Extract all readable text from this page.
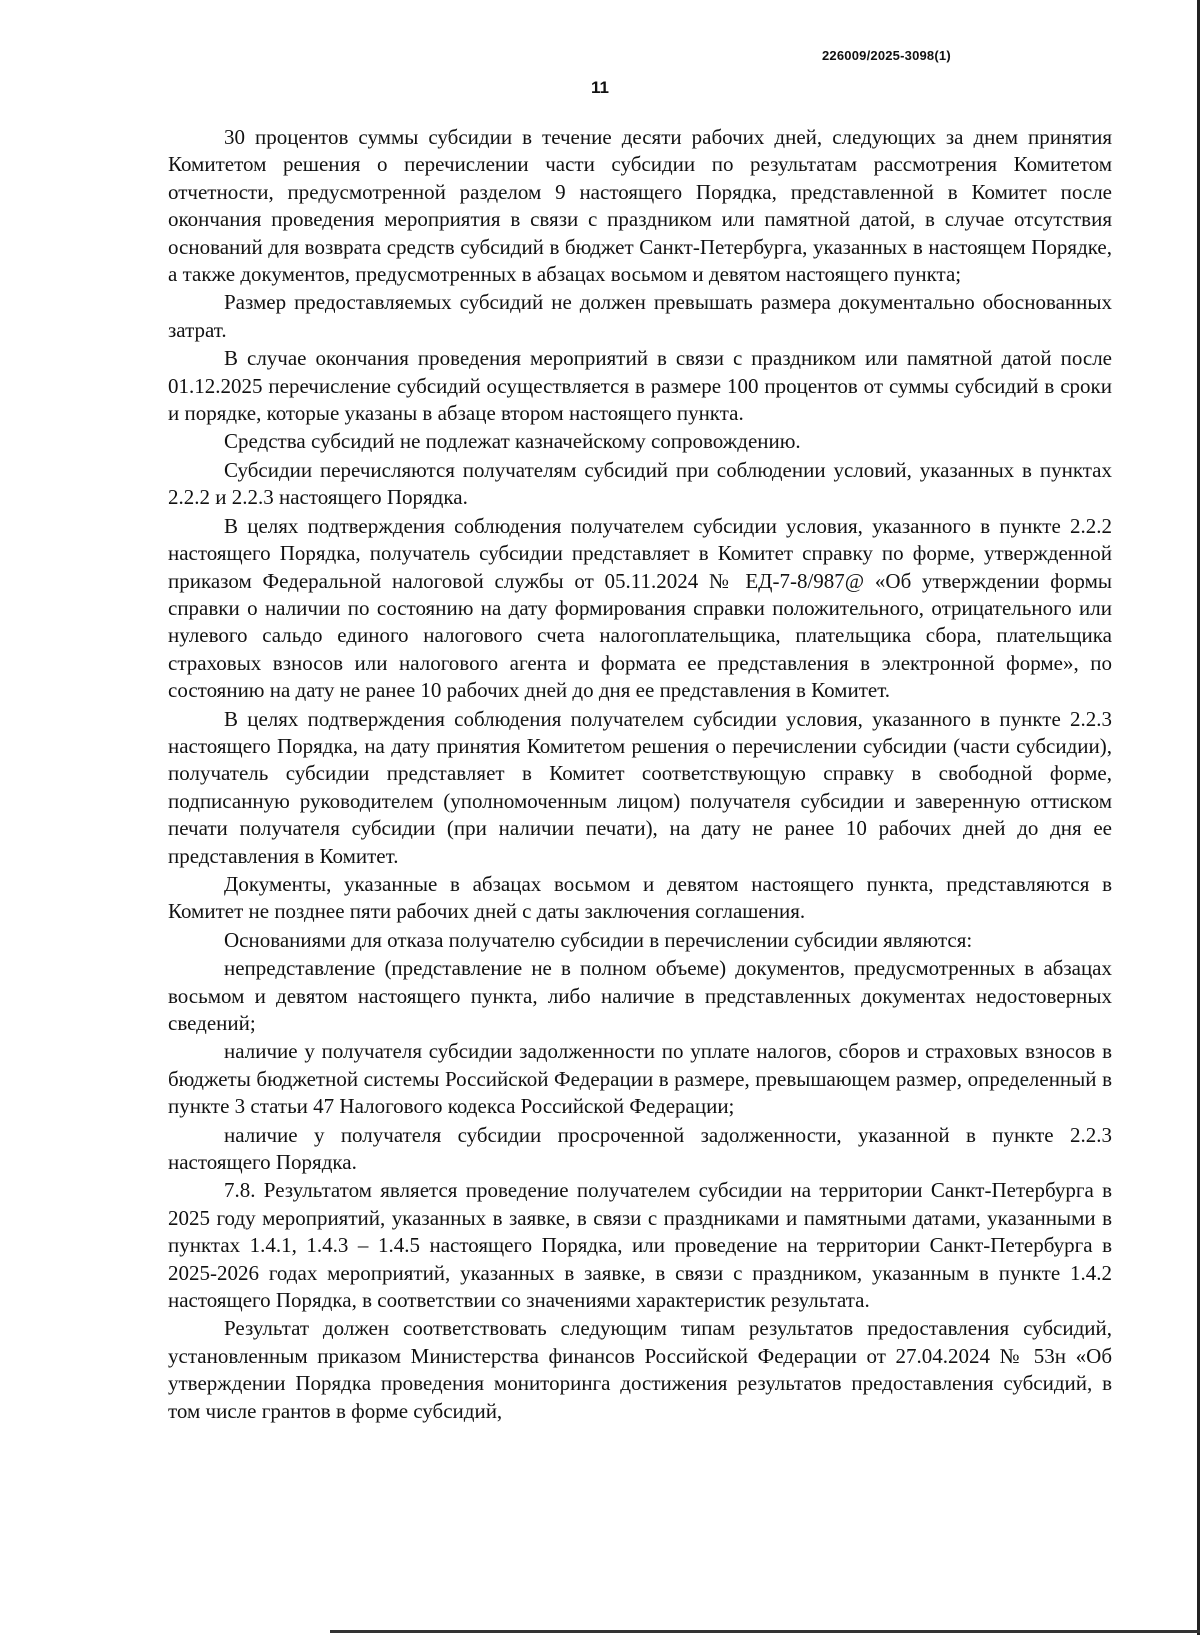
226009/2025-3098(1)
11

30 процентов суммы субсидии в течение десяти рабочих дней, следующих за днем принятия Комитетом решения о перечислении части субсидии по результатам рассмотрения Комитетом отчетности, предусмотренной разделом 9 настоящего Порядка, представленной в Комитет после окончания проведения мероприятия в связи с праздником или памятной датой, в случае отсутствия оснований для возврата средств субсидий в бюджет Санкт-Петербурга, указанных в настоящем Порядке, а также документов, предусмотренных в абзацах восьмом и девятом настоящего пункта;

Размер предоставляемых субсидий не должен превышать размера документально обоснованных затрат.

В случае окончания проведения мероприятий в связи с праздником или памятной датой после 01.12.2025 перечисление субсидий осуществляется в размере 100 процентов от суммы субсидий в сроки и порядке, которые указаны в абзаце втором настоящего пункта.

Средства субсидий не подлежат казначейскому сопровождению.

Субсидии перечисляются получателям субсидий при соблюдении условий, указанных в пунктах 2.2.2 и 2.2.3 настоящего Порядка.

В целях подтверждения соблюдения получателем субсидии условия, указанного в пункте 2.2.2 настоящего Порядка, получатель субсидии представляет в Комитет справку по форме, утвержденной приказом Федеральной налоговой службы от 05.11.2024 № ЕД-7-8/987@ «Об утверждении формы справки о наличии по состоянию на дату формирования справки положительного, отрицательного или нулевого сальдо единого налогового счета налогоплательщика, плательщика сбора, плательщика страховых взносов или налогового агента и формата ее представления в электронной форме», по состоянию на дату не ранее 10 рабочих дней до дня ее представления в Комитет.

В целях подтверждения соблюдения получателем субсидии условия, указанного в пункте 2.2.3 настоящего Порядка, на дату принятия Комитетом решения о перечислении субсидии (части субсидии), получатель субсидии представляет в Комитет соответствующую справку в свободной форме, подписанную руководителем (уполномоченным лицом) получателя субсидии и заверенную оттиском печати получателя субсидии (при наличии печати), на дату не ранее 10 рабочих дней до дня ее представления в Комитет.

Документы, указанные в абзацах восьмом и девятом настоящего пункта, представляются в Комитет не позднее пяти рабочих дней с даты заключения соглашения.

Основаниями для отказа получателю субсидии в перечислении субсидии являются:

непредставление (представление не в полном объеме) документов, предусмотренных в абзацах восьмом и девятом настоящего пункта, либо наличие в представленных документах недостоверных сведений;

наличие у получателя субсидии задолженности по уплате налогов, сборов и страховых взносов в бюджеты бюджетной системы Российской Федерации в размере, превышающем размер, определенный в пункте 3 статьи 47 Налогового кодекса Российской Федерации;

наличие у получателя субсидии просроченной задолженности, указанной в пункте 2.2.3 настоящего Порядка.

7.8. Результатом является проведение получателем субсидии на территории Санкт-Петербурга в 2025 году мероприятий, указанных в заявке, в связи с праздниками и памятными датами, указанными в пунктах 1.4.1, 1.4.3 – 1.4.5 настоящего Порядка, или проведение на территории Санкт-Петербурга в 2025-2026 годах мероприятий, указанных в заявке, в связи с праздником, указанным в пункте 1.4.2 настоящего Порядка, в соответствии со значениями характеристик результата.

Результат должен соответствовать следующим типам результатов предоставления субсидий, установленным приказом Министерства финансов Российской Федерации от 27.04.2024 № 53н «Об утверждении Порядка проведения мониторинга достижения результатов предоставления субсидий, в том числе грантов в форме субсидий,
